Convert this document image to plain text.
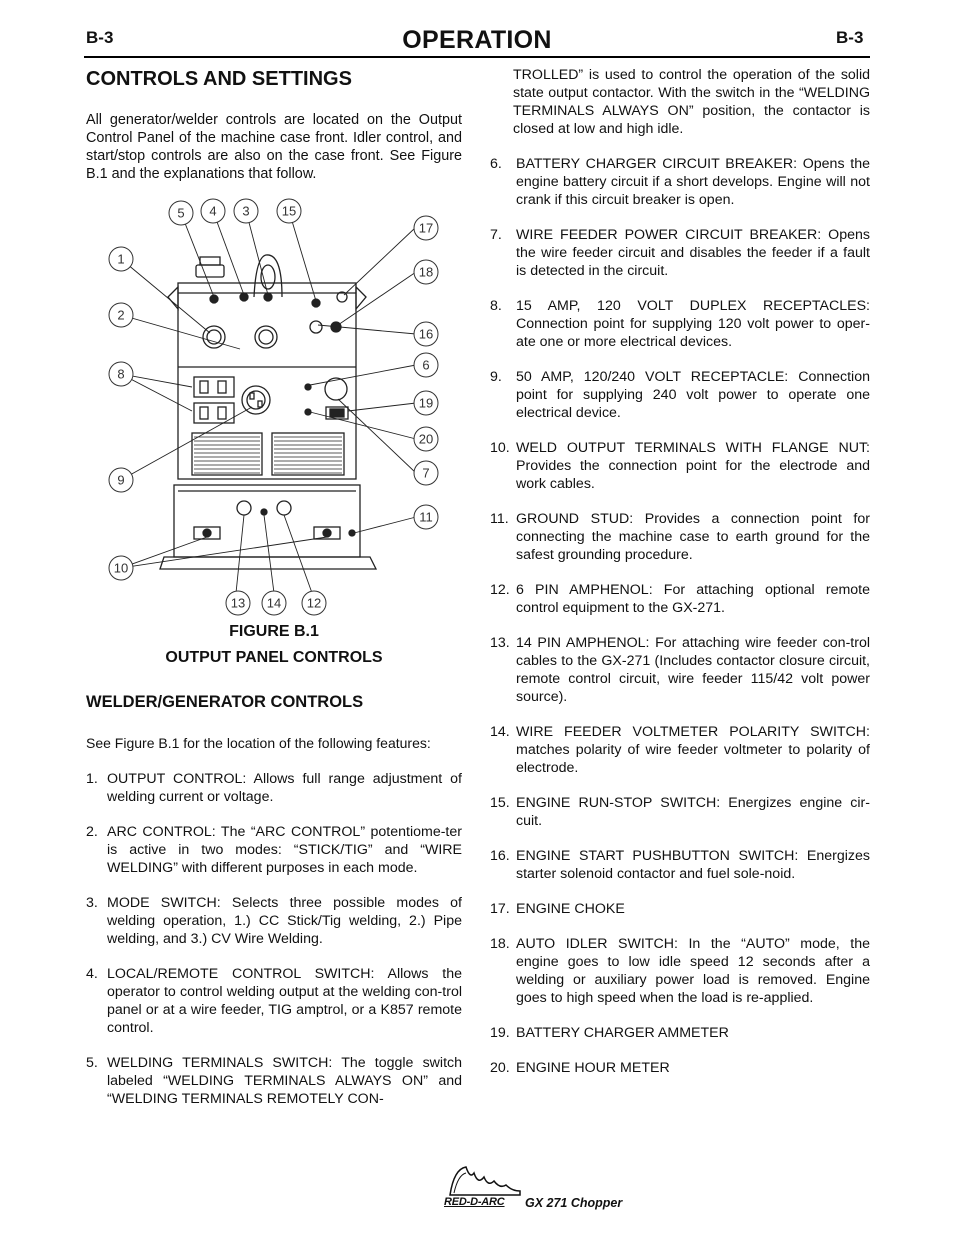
B-3	OPERATION	B-3
CONTROLS AND SETTINGS

All generator/welder controls are located on the Output Control Panel of the machine case front. Idler control, and start/stop controls are also on the case front. See Figure B.1 and the explanations that follow.

5 4 3 15
17
1
18
2
16
6
8
19
20
9	7
11
10
13 14 12
FIGURE B.1
OUTPUT PANEL CONTROLS
WELDER/GENERATOR CONTROLS

See Figure B.1 for the location of the following features:

1. OUTPUT CONTROL: Allows full range adjustment of welding current or voltage.
2. ARC CONTROL: The “ARC CONTROL” potentiome-ter is active in two modes: “STICK/TIG” and “WIRE WELDING” with different purposes in each mode.
3. MODE SWITCH: Selects three possible modes of welding operation, 1.) CC Stick/Tig welding, 2.) Pipe welding, and 3.) CV Wire Welding.
4. LOCAL/REMOTE CONTROL SWITCH: Allows the operator to control welding output at the welding con-trol panel or at a wire feeder, TIG amptrol, or a K857 remote control.
5. WELDING TERMINALS SWITCH: The toggle switch labeled “WELDING TERMINALS ALWAYS ON” and “WELDING TERMINALS REMOTELY CON-

TROLLED” is used to control the operation of the solid state output contactor. With the switch in the “WELDING TERMINALS ALWAYS ON” position, the contactor is closed at low and high idle.

6. BATTERY CHARGER CIRCUIT BREAKER: Opens the engine battery circuit if a short develops. Engine will not crank if this circuit breaker is open.
7. WIRE FEEDER POWER CIRCUIT BREAKER: Opens the wire feeder circuit and disables the feeder if a fault is detected in the circuit.
8. 15 AMP, 120 VOLT DUPLEX RECEPTACLES: Connection point for supplying 120 volt power to oper-ate one or more electrical devices.
9. 50 AMP, 120/240 VOLT RECEPTACLE: Connection point for supplying 240 volt power to operate one electrical device.
10. WELD OUTPUT TERMINALS WITH FLANGE NUT: Provides the connection point for the electrode and work cables.
11. GROUND STUD: Provides a connection point for connecting the machine case to earth ground for the safest grounding procedure.
12. 6 PIN AMPHENOL: For attaching optional remote control equipment to the GX-271.
13. 14 PIN AMPHENOL: For attaching wire feeder con-trol cables to the GX-271 (Includes contactor closure circuit, remote control circuit, wire feeder 115/42 volt power source).
14. WIRE FEEDER VOLTMETER POLARITY SWITCH: matches polarity of wire feeder voltmeter to polarity of electrode.
15. ENGINE RUN-STOP SWITCH: Energizes engine cir-cuit.
16. ENGINE START PUSHBUTTON SWITCH: Energizes starter solenoid contactor and fuel sole-noid.
17. ENGINE CHOKE
18. AUTO IDLER SWITCH: In the “AUTO” mode, the engine goes to low idle speed 12 seconds after a welding or auxiliary power load is removed. Engine goes to high speed when the load is re-applied.
19. BATTERY CHARGER AMMETER
20. ENGINE HOUR METER
RED-D-ARC GX 271 Chopper
